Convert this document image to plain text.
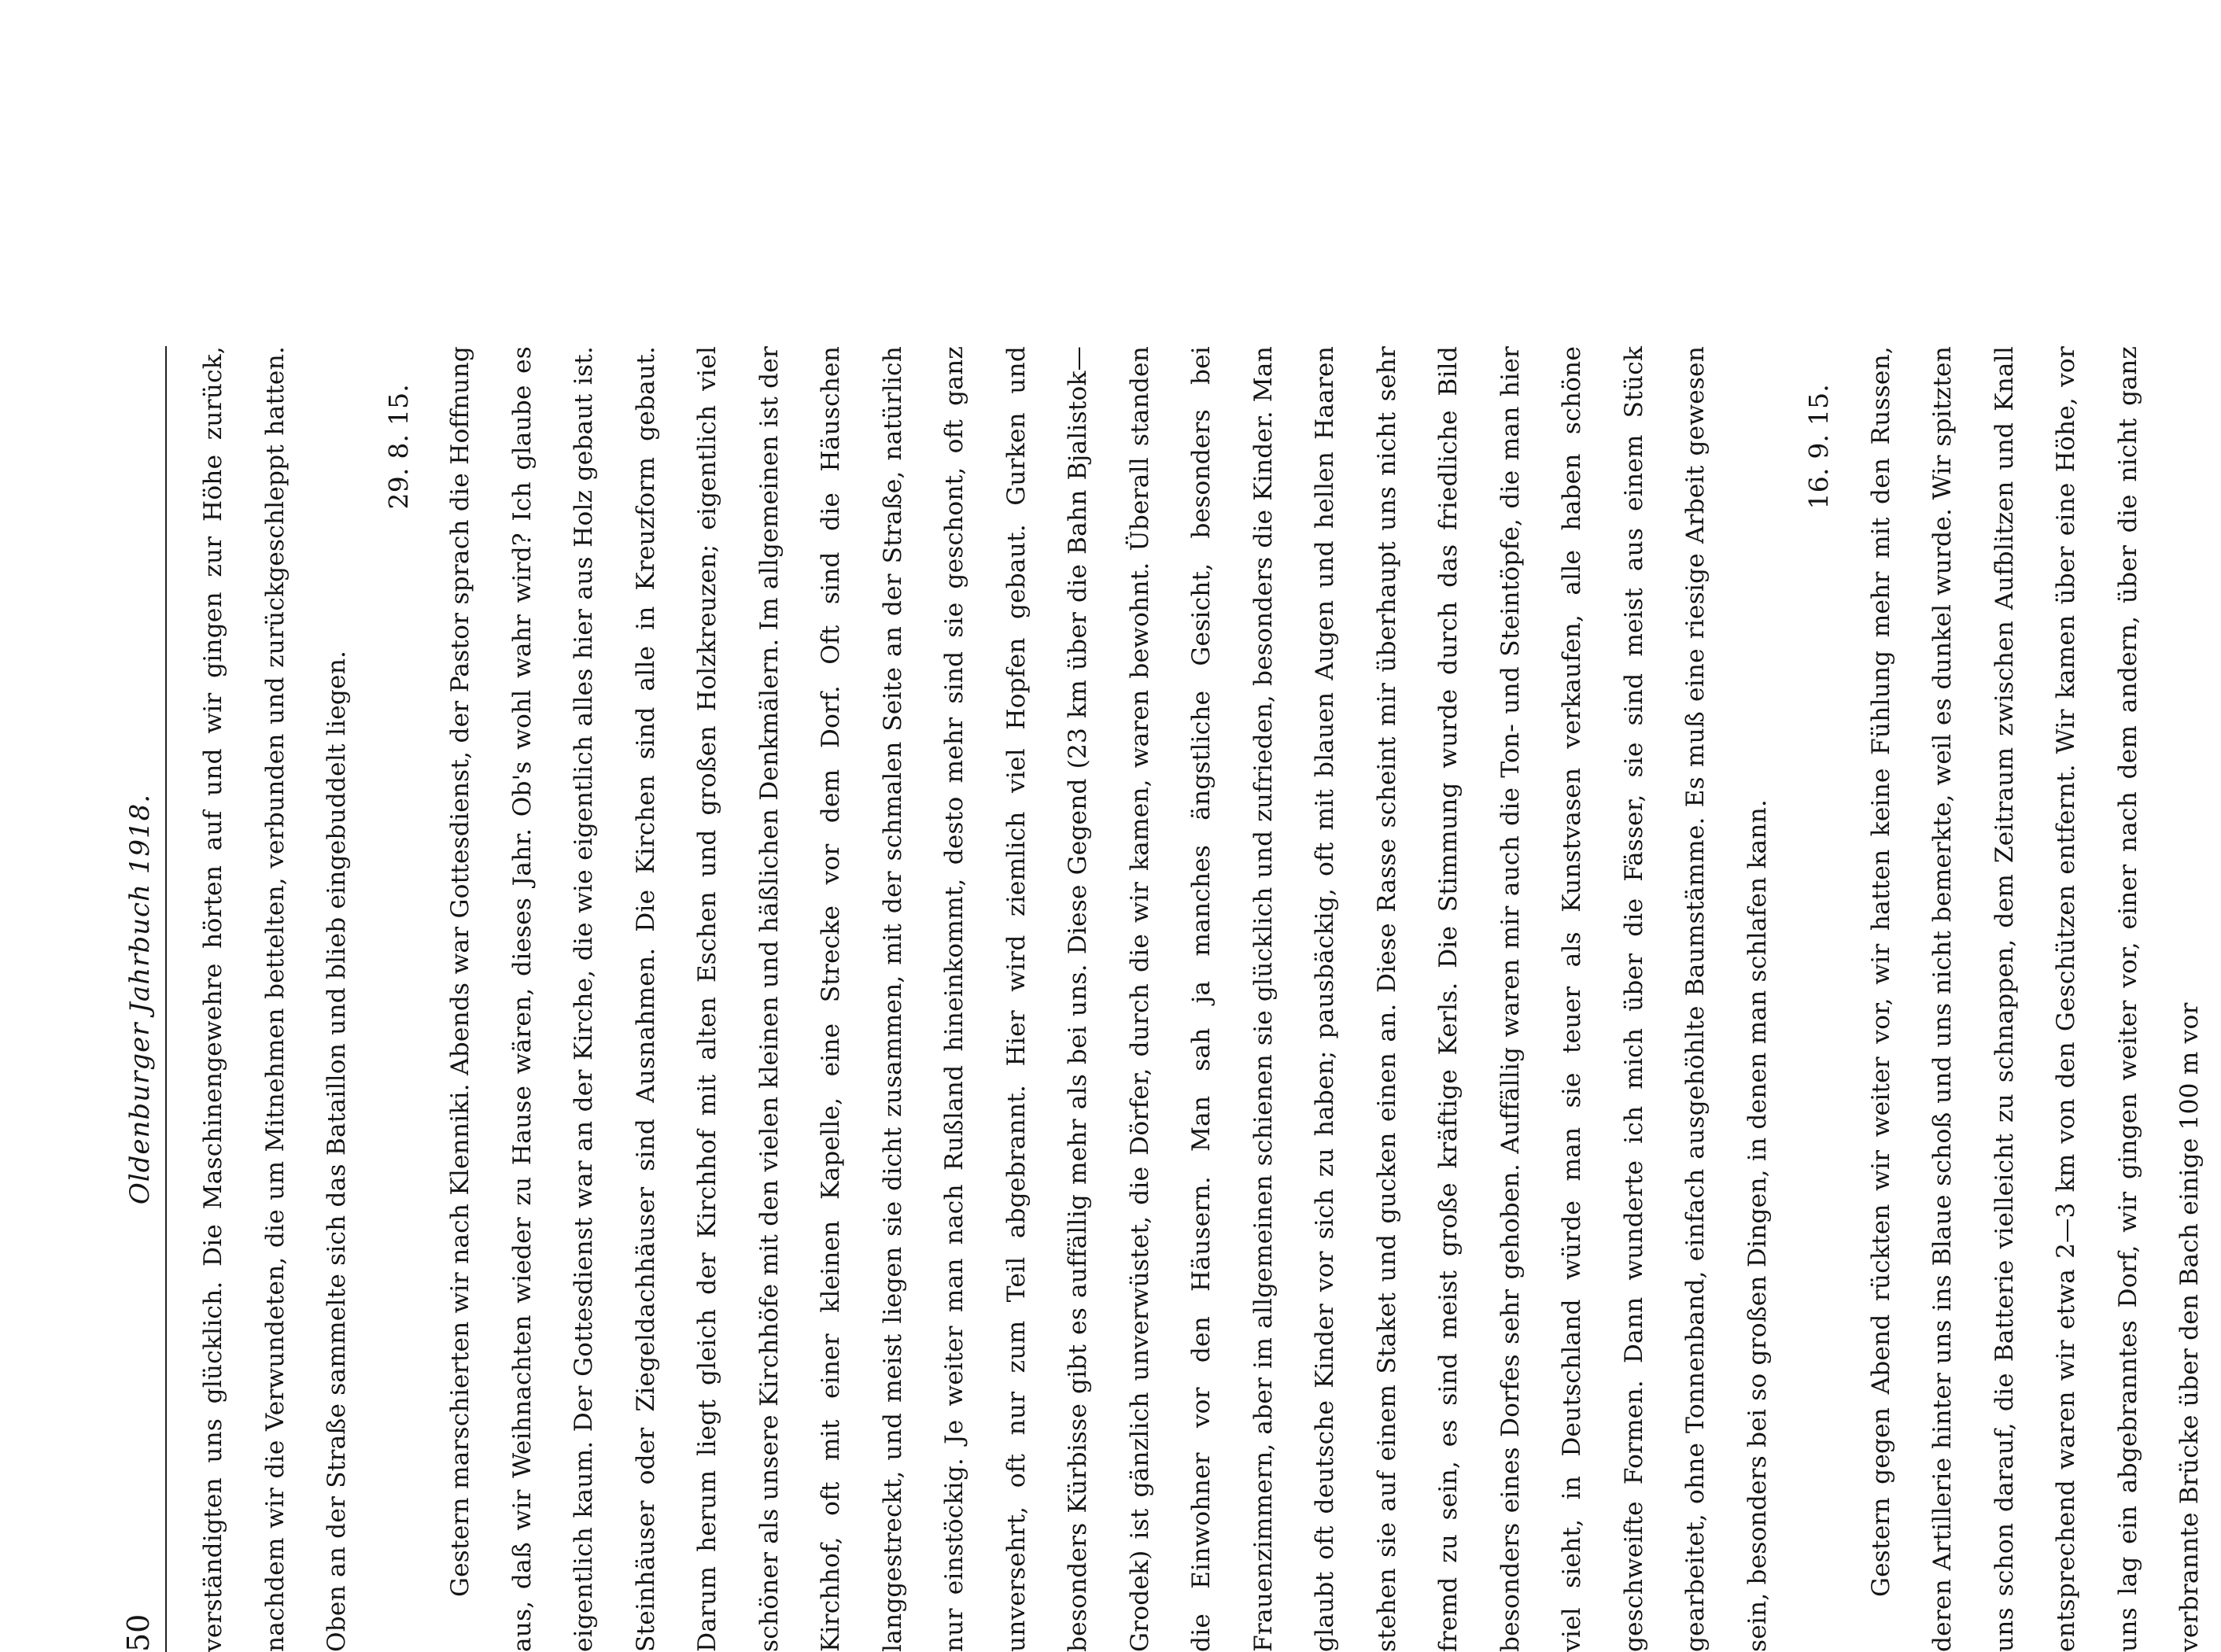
50
Oldenburger Jahrbuch 1918.	verständigten uns glücklich. Die Maschinengewehre hörten auf und wir gingen zur Höhe zurück, nachdem wir die Verwundeten, die um Mitnehmen bettelten, verbunden und zurückgeschleppt hatten. Oben an der Straße sammelte sich das Bataillon und blieb eingebuddelt liegen.

29. 8. 15.	Gestern marschierten wir nach Klenniki. Abends war Gottesdienst, der Pastor sprach die Hoffnung aus, daß wir Weihnachten wieder zu Hause wären, dieses Jahr. Ob's wohl wahr wird? Ich glaube es eigentlich kaum. Der Gottesdienst war an der Kirche, die wie eigentlich alles hier aus Holz gebaut ist. Steinhäuser oder Ziegeldachhäuser sind Ausnahmen. Die Kirchen sind alle in Kreuzform gebaut. Darum herum liegt gleich der Kirchhof mit alten Eschen und großen Holzkreuzen; eigentlich viel schöner als unsere Kirchhöfe mit den vielen kleinen und häßlichen Denkmälern. Im allgemeinen ist der Kirchhof, oft mit einer kleinen Kapelle, eine Strecke vor dem Dorf. Oft sind die Häuschen langgestreckt, und meist liegen sie dicht zusammen, mit der schmalen Seite an der Straße, natürlich nur einstöckig. Je weiter man nach Rußland hineinkommt, desto mehr sind sie geschont, oft ganz unversehrt, oft nur zum Teil abgebrannt. Hier wird ziemlich viel Hopfen gebaut. Gurken und besonders Kürbisse gibt es auffällig mehr als bei uns. Diese Gegend (23 km über die Bahn Bjalistok—Grodek) ist gänzlich unverwüstet, die Dörfer, durch die wir kamen, waren bewohnt. Überall standen die Einwohner vor den Häusern. Man sah ja manches ängstliche Gesicht, besonders bei Frauenzimmern, aber im allgemeinen schienen sie glücklich und zufrieden, besonders die Kinder. Man glaubt oft deutsche Kinder vor sich zu haben; pausbäckig, oft mit blauen Augen und hellen Haaren stehen sie auf einem Staket und gucken einen an. Diese Rasse scheint mir überhaupt uns nicht sehr fremd zu sein, es sind meist große kräftige Kerls. Die Stimmung wurde durch das friedliche Bild besonders eines Dorfes sehr gehoben. Auffällig waren mir auch die Ton- und Steintöpfe, die man hier viel sieht, in Deutschland würde man sie teuer als Kunstvasen verkaufen, alle haben schöne geschweifte Formen. Dann wunderte ich mich über die Fässer, sie sind meist aus einem Stück gearbeitet, ohne Tonnenband, einfach ausgehöhlte Baumstämme. Es muß eine riesige Arbeit gewesen sein, besonders bei so großen Dingen, in denen man schlafen kann.

16. 9. 15.	Gestern gegen Abend rückten wir weiter vor, wir hatten keine Fühlung mehr mit den Russen, deren Artillerie hinter uns ins Blaue schoß und uns nicht bemerkte, weil es dunkel wurde. Wir spitzten uns schon darauf, die Batterie vielleicht zu schnappen, dem Zeitraum zwischen Aufblitzen und Knall entsprechend waren wir etwa 2—3 km von den Geschützen entfernt. Wir kamen über eine Höhe, vor uns lag ein abgebranntes Dorf, wir gingen weiter vor, einer nach dem andern, über die nicht ganz verbrannte Brücke über den Bach einige 100 m vor
